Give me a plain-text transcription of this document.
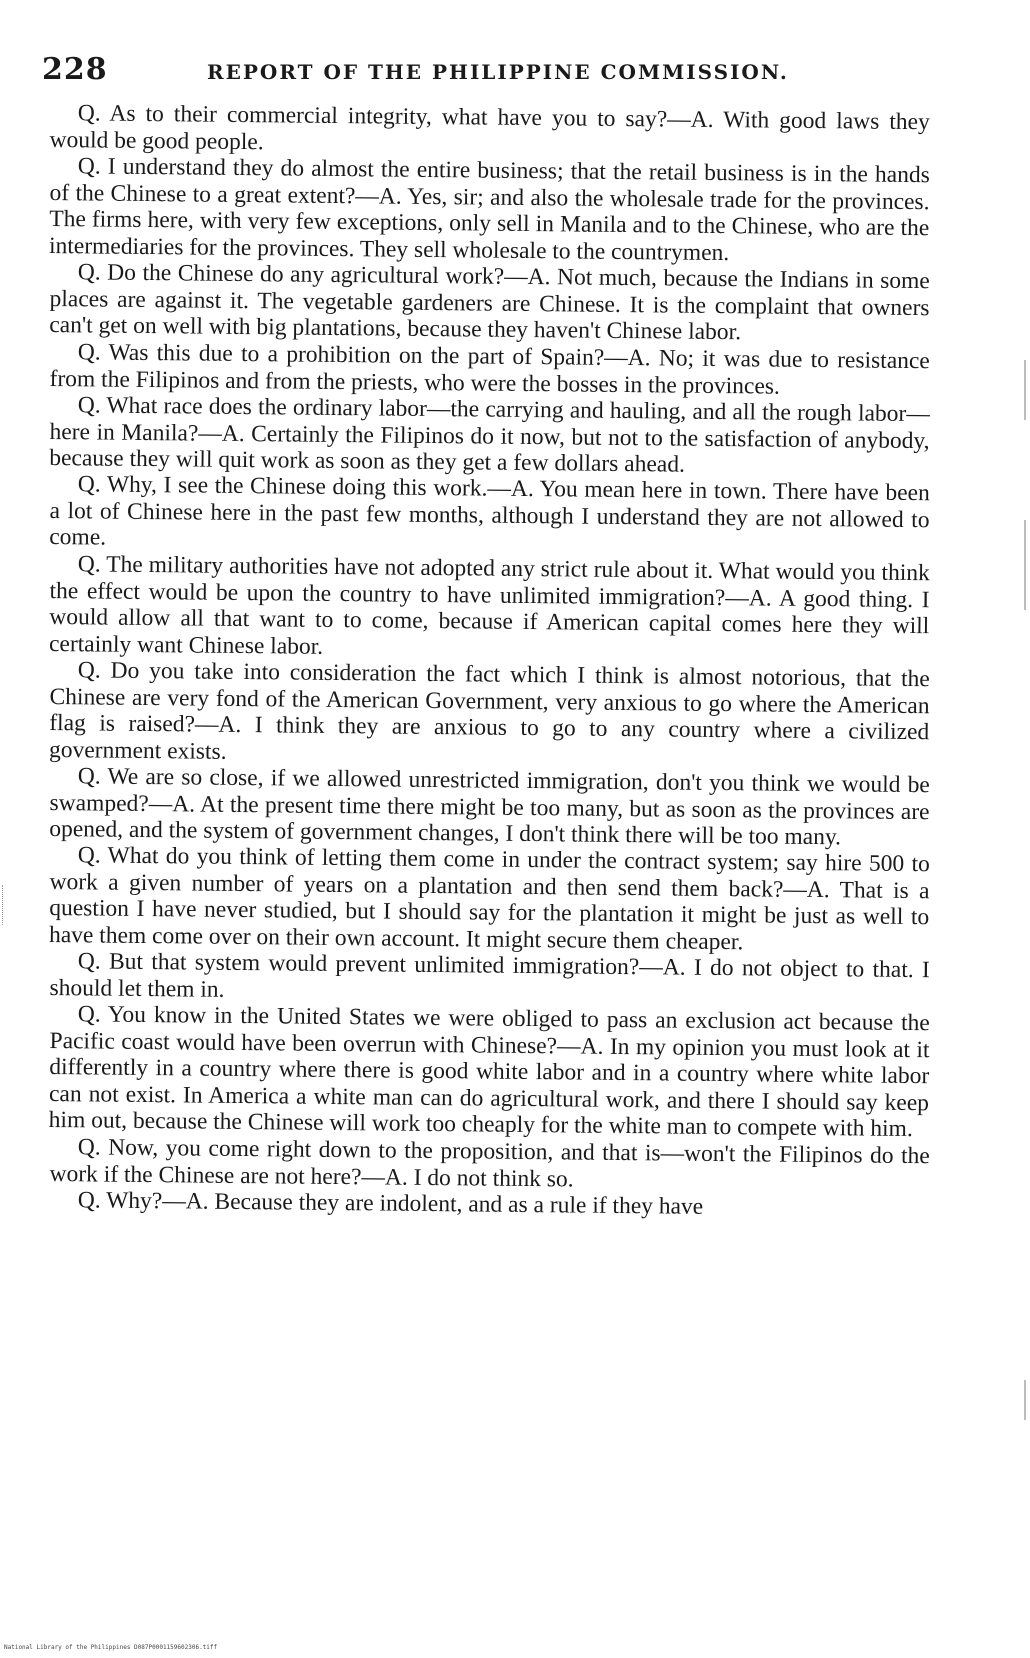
228	REPORT OF THE PHILIPPINE COMMISSION.

Q. As to their commercial integrity, what have you to say?—A. With good laws they would be good people.

Q. I understand they do almost the entire business; that the retail business is in the hands of the Chinese to a great extent?—A. Yes, sir; and also the wholesale trade for the provinces. The firms here, with very few exceptions, only sell in Manila and to the Chinese, who are the intermediaries for the provinces. They sell wholesale to the countrymen.

Q. Do the Chinese do any agricultural work?—A. Not much, because the Indians in some places are against it. The vegetable gardeners are Chinese. It is the complaint that owners can't get on well with big plantations, because they haven't Chinese labor.

Q. Was this due to a prohibition on the part of Spain?—A. No; it was due to resistance from the Filipinos and from the priests, who were the bosses in the provinces.

Q. What race does the ordinary labor—the carrying and hauling, and all the rough labor—here in Manila?—A. Certainly the Filipinos do it now, but not to the satisfaction of anybody, because they will quit work as soon as they get a few dollars ahead.

Q. Why, I see the Chinese doing this work.—A. You mean here in town. There have been a lot of Chinese here in the past few months, although I understand they are not allowed to come.

Q. The military authorities have not adopted any strict rule about it. What would you think the effect would be upon the country to have unlimited immigration?—A. A good thing. I would allow all that want to to come, because if American capital comes here they will certainly want Chinese labor.

Q. Do you take into consideration the fact which I think is almost notorious, that the Chinese are very fond of the American Government, very anxious to go where the American flag is raised?—A. I think they are anxious to go to any country where a civilized government exists.

Q. We are so close, if we allowed unrestricted immigration, don't you think we would be swamped?—A. At the present time there might be too many, but as soon as the provinces are opened, and the system of government changes, I don't think there will be too many.

Q. What do you think of letting them come in under the contract system; say hire 500 to work a given number of years on a plantation and then send them back?—A. That is a question I have never studied, but I should say for the plantation it might be just as well to have them come over on their own account. It might secure them cheaper.

Q. But that system would prevent unlimited immigration?—A. I do not object to that. I should let them in.

Q. You know in the United States we were obliged to pass an exclusion act because the Pacific coast would have been overrun with Chinese?—A. In my opinion you must look at it differently in a country where there is good white labor and in a country where white labor can not exist. In America a white man can do agricultural work, and there I should say keep him out, because the Chinese will work too cheaply for the white man to compete with him.

Q. Now, you come right down to the proposition, and that is—won't the Filipinos do the work if the Chinese are not here?—A. I do not think so.

Q. Why?—A. Because they are indolent, and as a rule if they have

National Library of the Philippines D087P0001159602306.tiff
